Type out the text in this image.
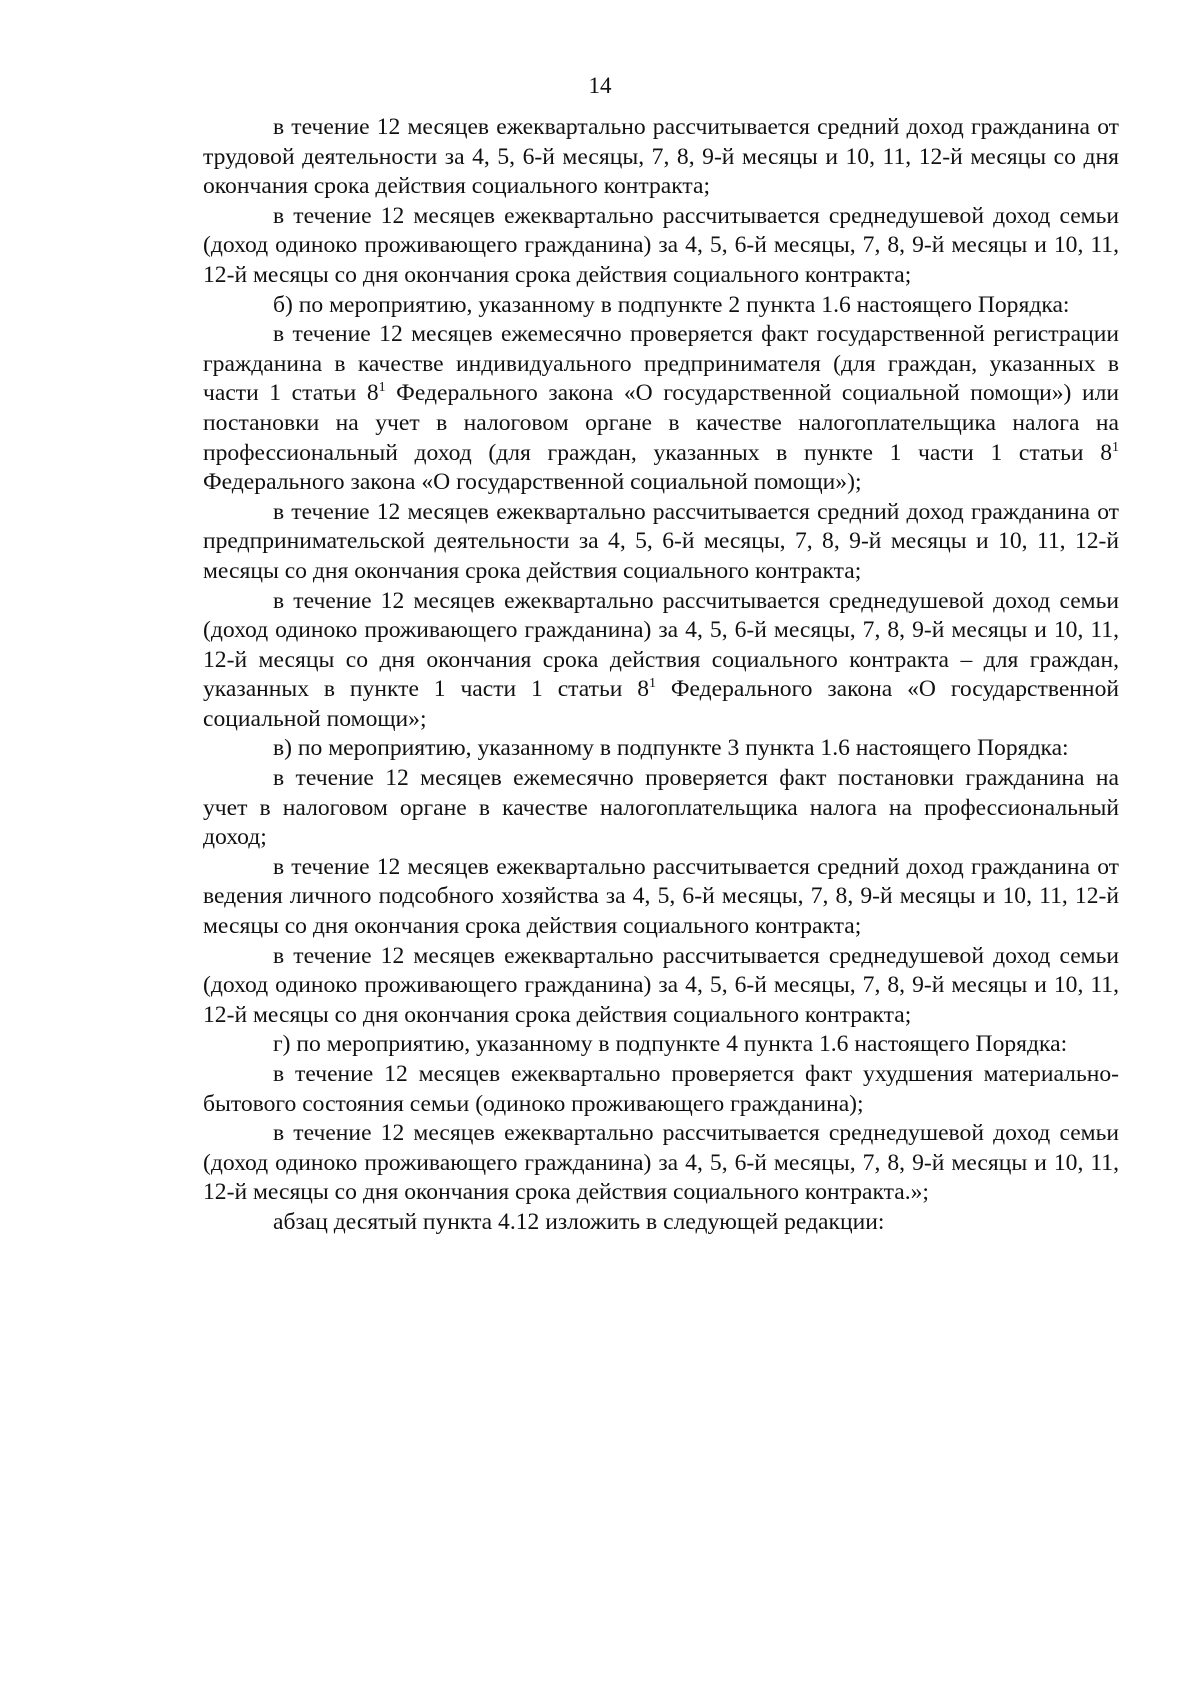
14

в течение 12 месяцев ежеквартально рассчитывается средний доход гражданина от трудовой деятельности за 4, 5, 6-й месяцы, 7, 8, 9-й месяцы и 10, 11, 12-й месяцы со дня окончания срока действия социального контракта;

в течение 12 месяцев ежеквартально рассчитывается среднедушевой доход семьи (доход одиноко проживающего гражданина) за 4, 5, 6-й месяцы, 7, 8, 9-й месяцы и 10, 11, 12-й месяцы со дня окончания срока действия социального контракта;

б) по мероприятию, указанному в подпункте 2 пункта 1.6 настоящего Порядка:

в течение 12 месяцев ежемесячно проверяется факт государственной регистрации гражданина в качестве индивидуального предпринимателя (для граждан, указанных в части 1 статьи $8^1$ Федерального закона «О государственной социальной помощи») или постановки на учет в налоговом органе в качестве налогоплательщика налога на профессиональный доход (для граждан, указанных в пункте 1 части 1 статьи $8^1$ Федерального закона «О государственной социальной помощи»);

в течение 12 месяцев ежеквартально рассчитывается средний доход гражданина от предпринимательской деятельности за 4, 5, 6-й месяцы, 7, 8, 9-й месяцы и 10, 11, 12-й месяцы со дня окончания срока действия социального контракта;

в течение 12 месяцев ежеквартально рассчитывается среднедушевой доход семьи (доход одиноко проживающего гражданина) за 4, 5, 6-й месяцы, 7, 8, 9-й месяцы и 10, 11, 12-й месяцы со дня окончания срока действия социального контракта – для граждан, указанных в пункте 1 части 1 статьи $8^1$ Федерального закона «О государственной социальной помощи»;

в) по мероприятию, указанному в подпункте 3 пункта 1.6 настоящего Порядка:

в течение 12 месяцев ежемесячно проверяется факт постановки гражданина на учет в налоговом органе в качестве налогоплательщика налога на профессиональный доход;

в течение 12 месяцев ежеквартально рассчитывается средний доход гражданина от ведения личного подсобного хозяйства за 4, 5, 6-й месяцы, 7, 8, 9-й месяцы и 10, 11, 12-й месяцы со дня окончания срока действия социального контракта;

в течение 12 месяцев ежеквартально рассчитывается среднедушевой доход семьи (доход одиноко проживающего гражданина) за 4, 5, 6-й месяцы, 7, 8, 9-й месяцы и 10, 11, 12-й месяцы со дня окончания срока действия социального контракта;

г) по мероприятию, указанному в подпункте 4 пункта 1.6 настоящего Порядка:

в течение 12 месяцев ежеквартально проверяется факт ухудшения материально-бытового состояния семьи (одиноко проживающего гражданина);

в течение 12 месяцев ежеквартально рассчитывается среднедушевой доход семьи (доход одиноко проживающего гражданина) за 4, 5, 6-й месяцы, 7, 8, 9-й месяцы и 10, 11, 12-й месяцы со дня окончания срока действия социального контракта.»;

абзац десятый пункта 4.12 изложить в следующей редакции:
